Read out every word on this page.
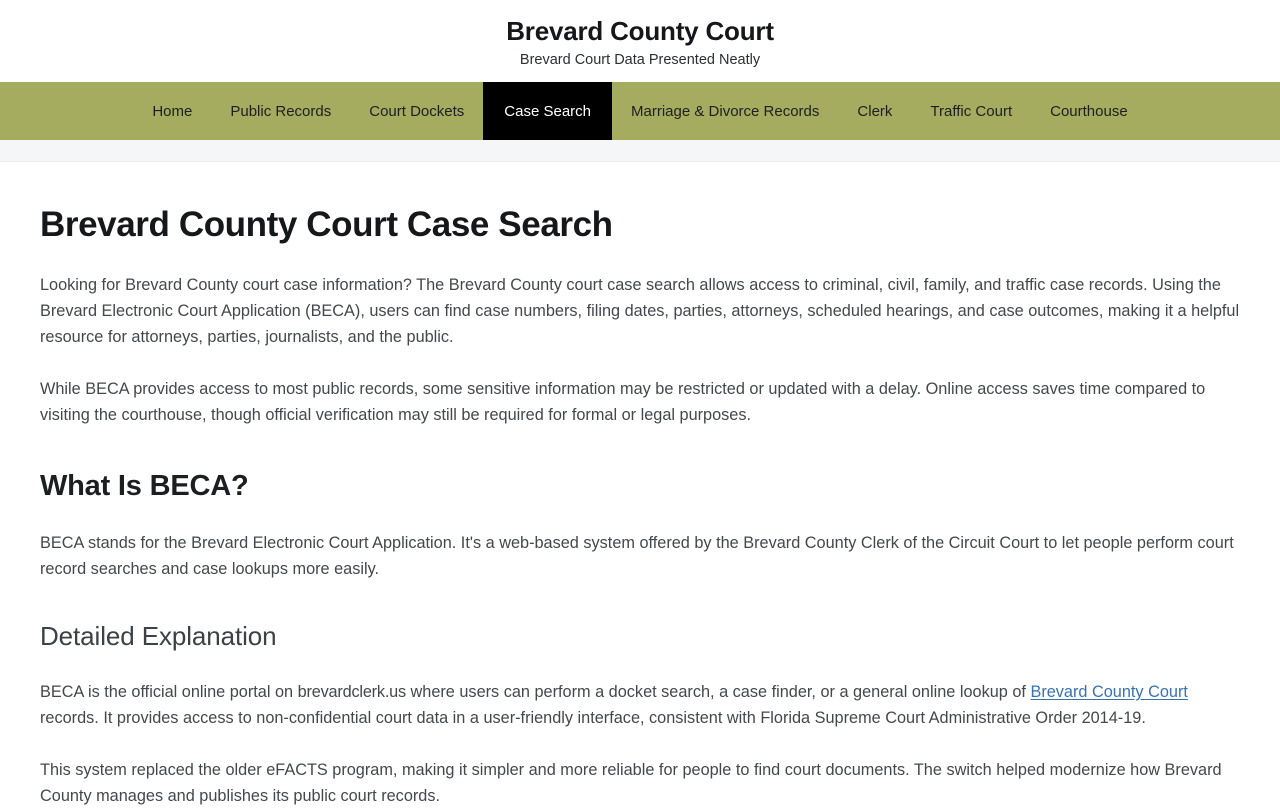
Brevard County Court

Brevard Court Data Presented Neatly

Home	Public Records	Court Dockets	Case Search	Marriage & Divorce Records	Clerk	Traffic Court	Courthouse
Brevard County Court Case Search

Looking for Brevard County court case information? The Brevard County court case search allows access to criminal, civil, family, and traffic case records. Using the Brevard Electronic Court Application (BECA), users can find case numbers, filing dates, parties, attorneys, scheduled hearings, and case outcomes, making it a helpful resource for attorneys, parties, journalists, and the public.

While BECA provides access to most public records, some sensitive information may be restricted or updated with a delay. Online access saves time compared to visiting the courthouse, though official verification may still be required for formal or legal purposes.

What Is BECA?

BECA stands for the Brevard Electronic Court Application. It's a web-based system offered by the Brevard County Clerk of the Circuit Court to let people perform court record searches and case lookups more easily.

Detailed Explanation

BECA is the official online portal on brevardclerk.us where users can perform a docket search, a case finder, or a general online lookup of Brevard County Court records. It provides access to non-confidential court data in a user-friendly interface, consistent with Florida Supreme Court Administrative Order 2014-19.

This system replaced the older eFACTS program, making it simpler and more reliable for people to find court documents. The switch helped modernize how Brevard County manages and publishes its public court records.
